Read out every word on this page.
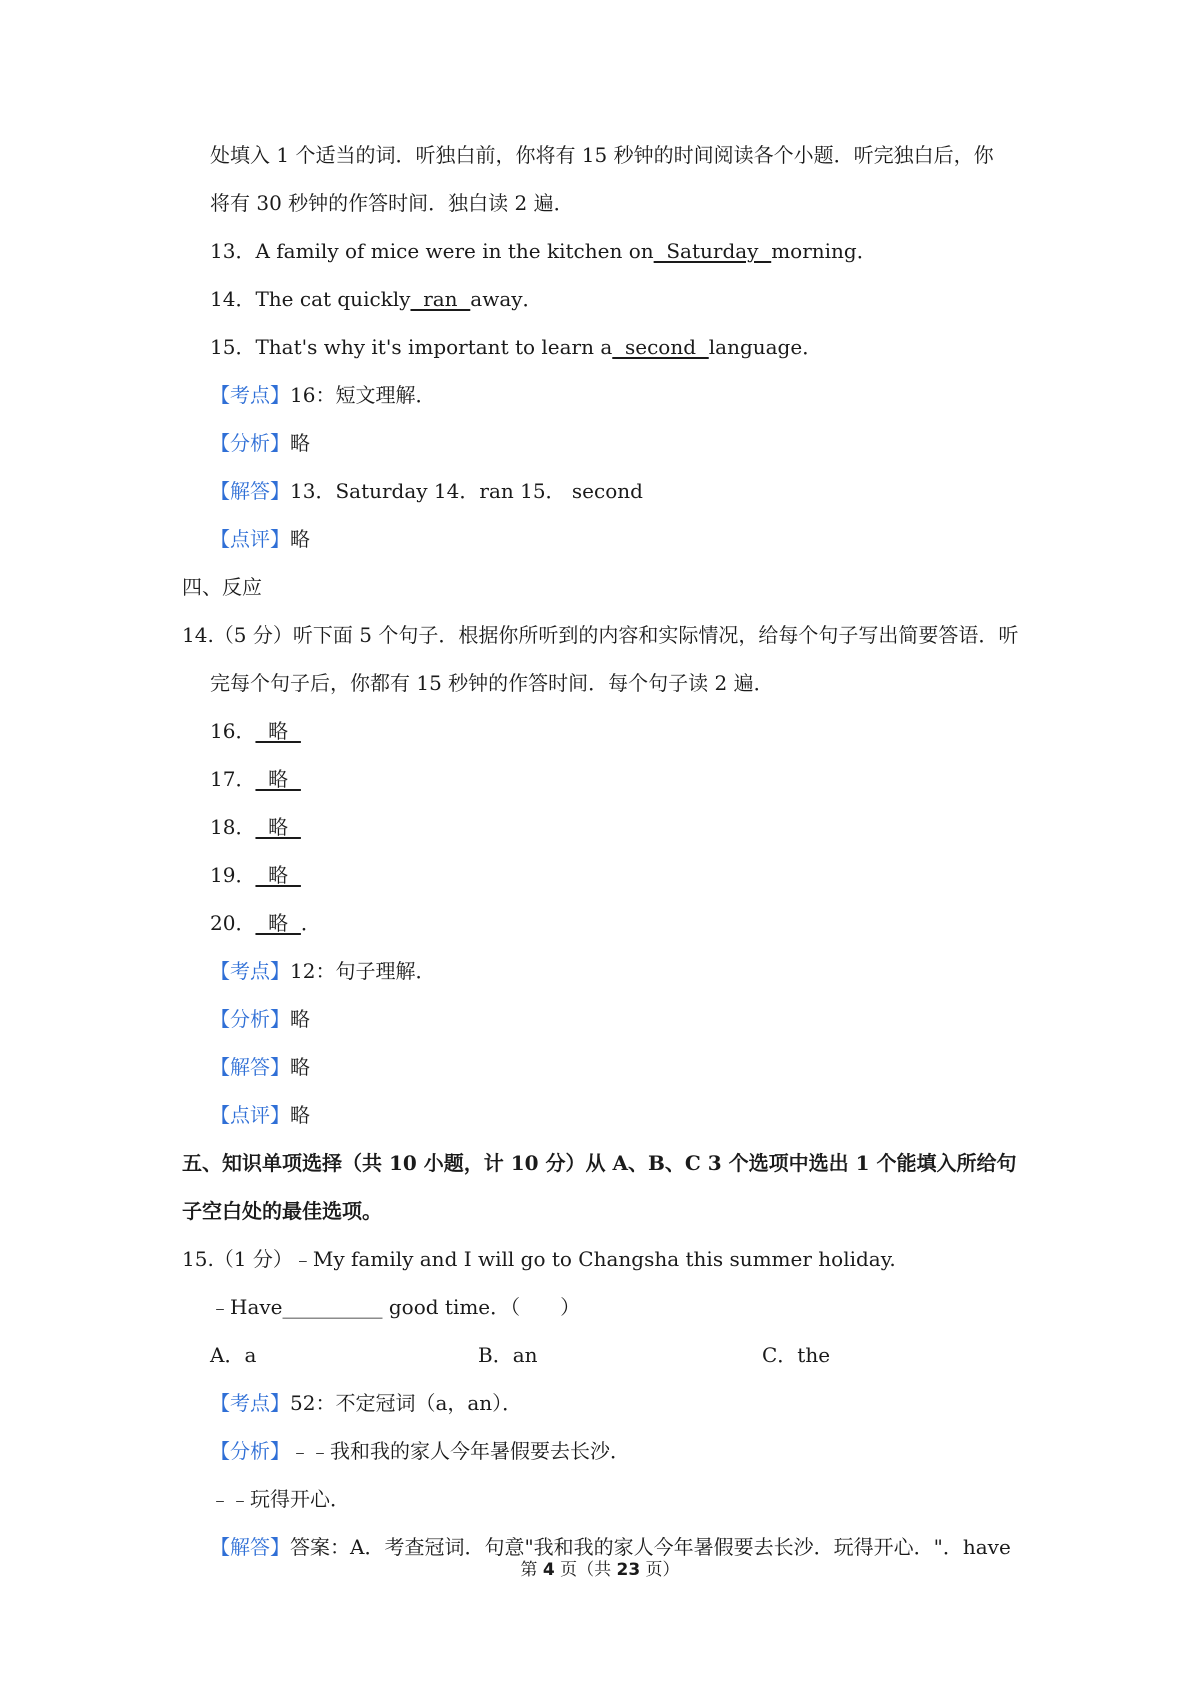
处填入 1 个适当的词．听独白前，你将有 15 秒钟的时间阅读各个小题．听完独白后，你
将有 30 秒钟的作答时间．独白读 2 遍．
13．A family of mice were in the kitchen on  Saturday  morning．
14．The cat quickly  ran  away．
15．That's why it's important to learn a  second  language．
【考点】16：短文理解．
【分析】略
【解答】13．Saturday 14．ran 15． second
【点评】略
四、反应
14.（5 分）听下面 5 个句子．根据你所听到的内容和实际情况，给每个句子写出简要答语．听
完每个句子后，你都有 15 秒钟的作答时间．每个句子读 2 遍．
16．  略
17．  略
18．  略
19．  略
20．  略  ．
【考点】12：句子理解．
【分析】略
【解答】略
【点评】略
五、知识单项选择（共 10 小题，计 10 分）从 A、B、C 3 个选项中选出 1 个能填入所给句
子空白处的最佳选项。
15.（1 分）﹣My family and I will go to Changsha this summer holiday.
﹣Have__________ good time．（　　）
A．a	B．an	C．the
【考点】52：不定冠词（a，an）．
【分析】﹣﹣我和我的家人今年暑假要去长沙．
﹣﹣玩得开心．
【解答】答案：A．考查冠词．句意"我和我的家人今年暑假要去长沙．玩得开心．"．have
第 4 页（共 23 页）
